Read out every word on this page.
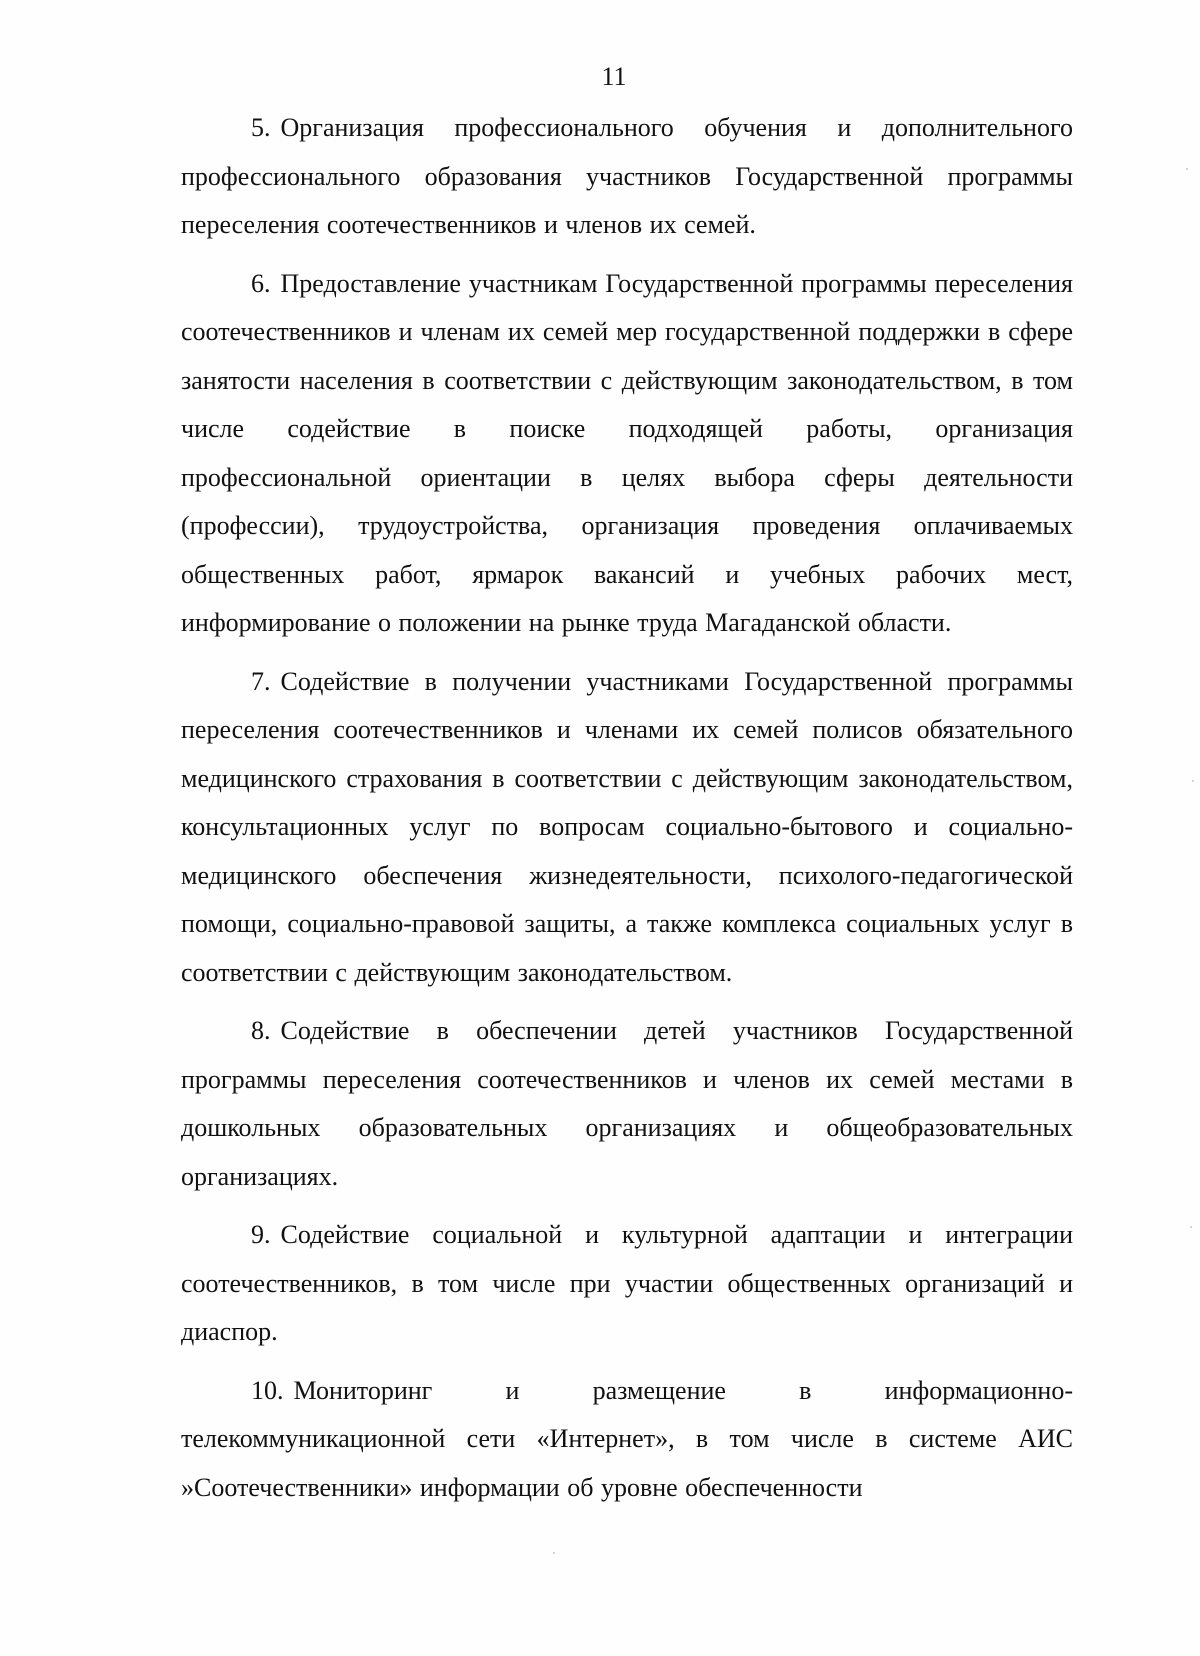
11

5. Организация профессионального обучения и дополнительного профессионального образования участников Государственной программы переселения соотечественников и членов их семей.

6. Предоставление участникам Государственной программы переселения соотечественников и членам их семей мер государственной поддержки в сфере занятости населения в соответствии с действующим законодательством, в том числе содействие в поиске подходящей работы, организация профессиональной ориентации в целях выбора сферы деятельности (профессии), трудоустройства, организация проведения оплачиваемых общественных работ, ярмарок вакансий и учебных рабочих мест, информирование о положении на рынке труда Магаданской области.

7. Содействие в получении участниками Государственной программы переселения соотечественников и членами их семей полисов обязательного медицинского страхования в соответствии с действующим законодательством, консультационных услуг по вопросам социально-бытового и социально-медицинского обеспечения жизнедеятельности, психолого-педагогической помощи, социально-правовой защиты, а также комплекса социальных услуг в соответствии с действующим законодательством.

8. Содействие в обеспечении детей участников Государственной программы переселения соотечественников и членов их семей местами в дошкольных образовательных организациях и общеобразовательных организациях.

9. Содействие социальной и культурной адаптации и интеграции соотечественников, в том числе при участии общественных организаций и диаспор.

10. Мониторинг и размещение в информационно-телекоммуникационной сети «Интернет», в том числе в системе АИС »Соотечественники» информации об уровне обеспеченности
